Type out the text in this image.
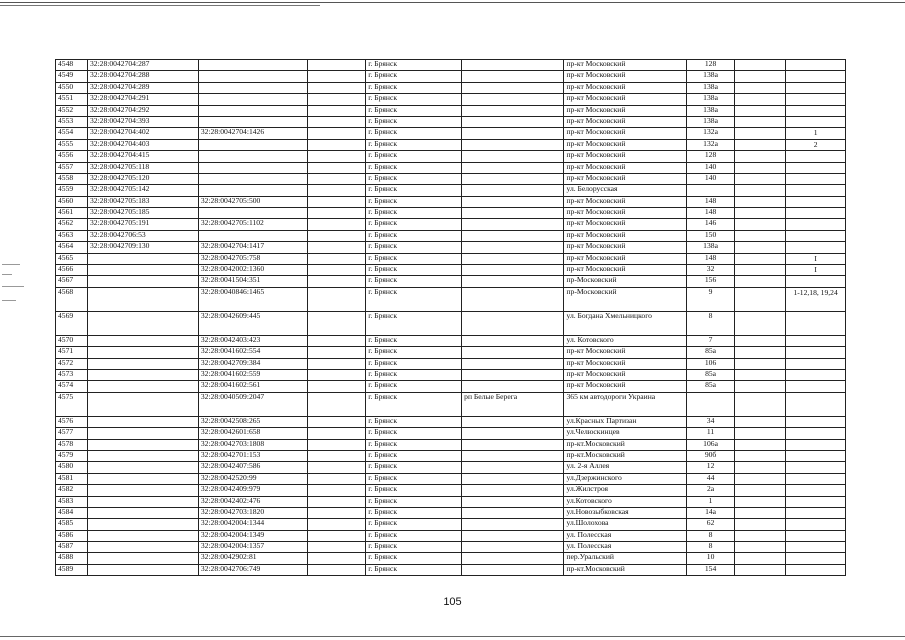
4548	32:28:0042704:287			г. Брянск		пр-кт Московский	128		
4549	32:28:0042704:288			г. Брянск		пр-кт Московский	138а		
4550	32:28:0042704:289			г. Брянск		пр-кт Московский	138а		
4551	32:28:0042704:291			г. Брянск		пр-кт Московский	138а		
4552	32:28:0042704:292			г. Брянск		пр-кт Московский	138а		
4553	32:28:0042704:393			г. Брянск		пр-кт Московский	138а		
4554	32:28:0042704:402	32:28:0042704:1426		г. Брянск		пр-кт Московский	132а		1
4555	32:28:0042704:403			г. Брянск		пр-кт Московский	132а		2
4556	32:28:0042704:415			г. Брянск		пр-кт Московский	128		
4557	32:28:0042705:118			г. Брянск		пр-кт Московский	140		
4558	32:28:0042705:120			г. Брянск		пр-кт Московский	140		
4559	32:28:0042705:142			г. Брянск		ул. Белорусская			
4560	32:28:0042705:183	32:28:0042705:500		г. Брянск		пр-кт Московский	148		
4561	32:28:0042705:185			г. Брянск		пр-кт Московский	148		
4562	32:28:0042705:191	32:28:0042705:1102		г. Брянск		пр-кт Московский	146		
4563	32:28:0042706:53			г. Брянск		пр-кт Московский	150		
4564	32:28:0042709:130	32:28:0042704:1417		г. Брянск		пр-кт Московский	138а		
4565		32:28:0042705:758		г. Брянск		пр-кт Московский	148		I
4566		32:28:0042002:1360		г. Брянск		пр-кт Московский	32		I
4567		32:28:0041504:351		г. Брянск		пр-Московский	156		
4568		32:28:0040846:1465		г. Брянск		пр-Московский	9		1-12,18, 19,24
4569		32:28:0042609:445		г. Брянск		ул. Богдана Хмельницкого	8		
4570		32:28:0042403:423		г. Брянск		ул. Котовского	7		
4571		32:28:0041602:554		г. Брянск		пр-кт Московский	85а		
4572		32:28:0042709:384		г. Брянск		пр-кт Московский	106		
4573		32:28:0041602:559		г. Брянск		пр-кт Московский	85а		
4574		32:28:0041602:561		г. Брянск		пр-кт Московский	85а		
4575		32:28:0040509:2047		г. Брянск	рп Белые Берега	365 км автодороги Украина			
4576		32:28:0042508:265		г. Брянск		ул.Красных Партизан	34		
4577		32:28:0042601:658		г. Брянск		ул.Челюскинцев	11		
4578		32:28:0042703:1808		г. Брянск		пр-кт.Московский	106а		
4579		32:28:0042701:153		г. Брянск		пр-кт.Московский	90б		
4580		32:28:0042407:586		г. Брянск		ул. 2-я Аллея	12		
4581		32:28:0042520:99		г. Брянск		ул.Дзержинского	44		
4582		32:28:0042409:979		г. Брянск		ул.Жилстроя	2а		
4583		32:28:0042402:476		г. Брянск		ул.Котовского	1		
4584		32:28:0042703:1820		г. Брянск		ул.Новозыбковская	14а		
4585		32:28:0042004:1344		г. Брянск		ул.Шолохова	62		
4586		32:28:0042004:1349		г. Брянск		ул. Полесская	8		
4587		32:28:0042004:1357		г. Брянск		ул. Полесская	8		
4588		32:28:0042902:81		г. Брянск		пер.Уральский	10		
4589		32:28:0042706:749		г. Брянск		пр-кт.Московский	154		
105
